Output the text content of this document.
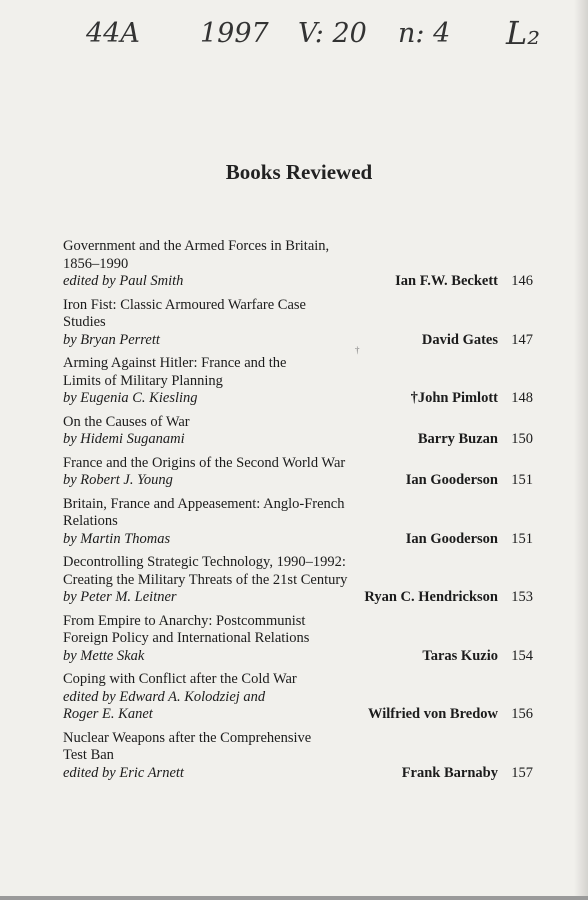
44A 1997 V: 20 n: 4 L₂
Books Reviewed
†
Government and the Armed Forces in Britain,
1856–1990
edited by Paul Smith	Ian F.W. Beckett 146
Iron Fist: Classic Armoured Warfare Case
Studies
by Bryan Perrett	David Gates 147
Arming Against Hitler: France and the
Limits of Military Planning
by Eugenia C. Kiesling	†John Pimlott 148
On the Causes of War
by Hidemi Suganami	Barry Buzan 150
France and the Origins of the Second World War
by Robert J. Young	Ian Gooderson 151
Britain, France and Appeasement: Anglo-French
Relations
by Martin Thomas	Ian Gooderson 151
Decontrolling Strategic Technology, 1990–1992:
Creating the Military Threats of the 21st Century
by Peter M. Leitner	Ryan C. Hendrickson 153
From Empire to Anarchy: Postcommunist
Foreign Policy and International Relations
by Mette Skak	Taras Kuzio 154
Coping with Conflict after the Cold War
edited by Edward A. Kolodziej and
Roger E. Kanet	Wilfried von Bredow 156
Nuclear Weapons after the Comprehensive
Test Ban
edited by Eric Arnett	Frank Barnaby 157
